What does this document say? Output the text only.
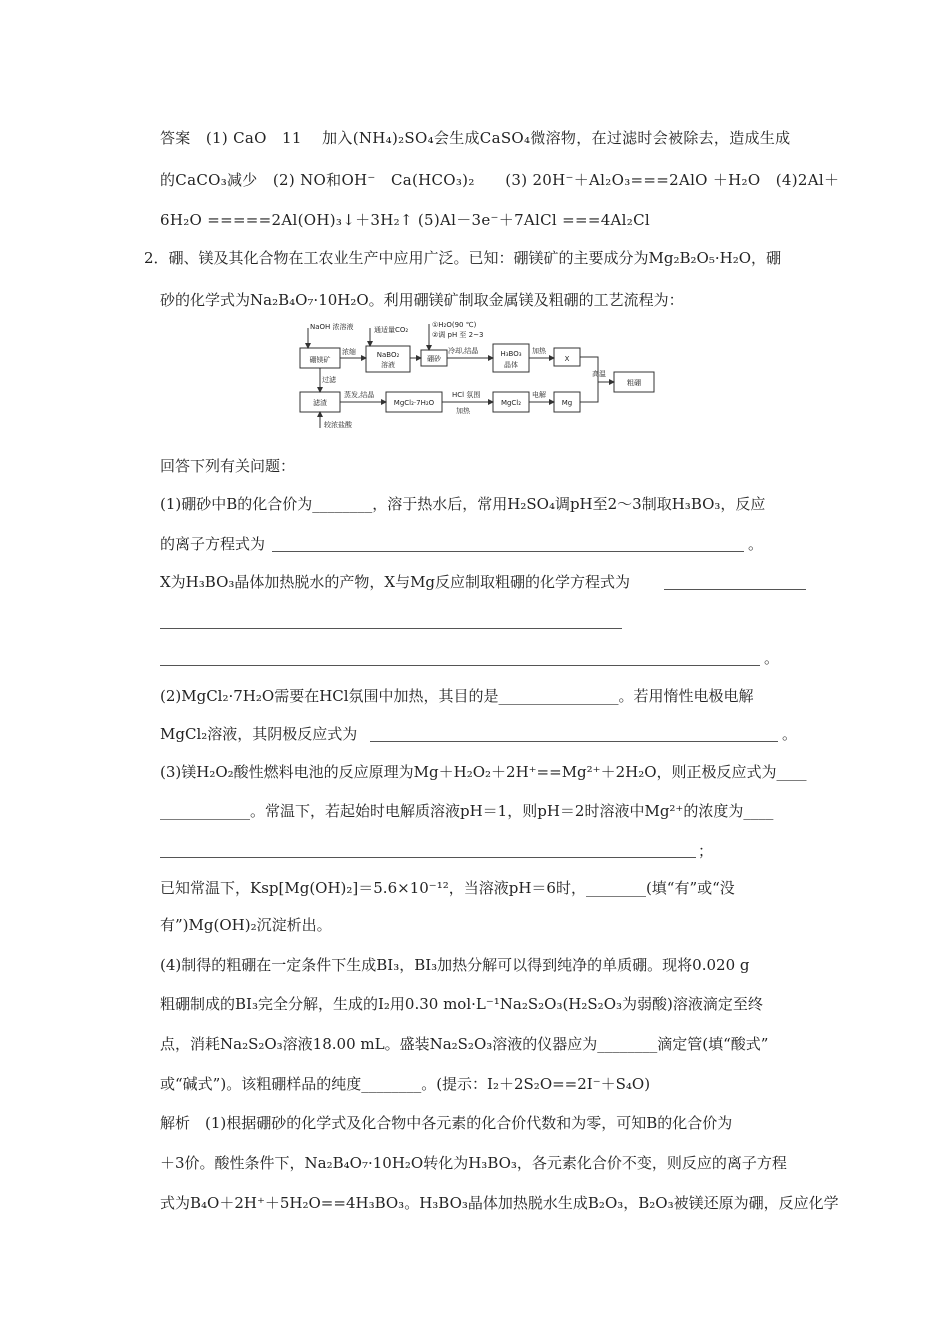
答案　(1) CaO　11　 加入(NH₄)₂SO₄会生成CaSO₄微溶物，在过滤时会被除去，造成生成
的CaCO₃减少　(2) NO和OH⁻　Ca(HCO₃)₂　　(3) 20H⁻＋Al₂O₃===2AlO ＋H₂O　(4)2Al＋
6H₂O =====2Al(OH)₃↓＋3H₂↑ (5)Al－3e⁻＋7AlCl ===4Al₂Cl
2．硼、镁及其化合物在工农业生产中应用广泛。已知：硼镁矿的主要成分为Mg₂B₂O₅·H₂O，硼
砂的化学式为Na₂B₄O₇·10H₂O。利用硼镁矿制取金属镁及粗硼的工艺流程为：
硼镁矿
NaBO₂
溶液
硼砂
H₃BO₃
晶体
X
粗硼
滤渣	MgCl₂·7H₂O	MgCl₂	Mg
NaOH 浓溶液
浓缩
通适量CO₂
①H₂O(90 ℃)
②调 pH 至 2~3
冷却,结晶	加热
高温
过滤
蒸发,结晶	HCl 氛围
加热
电解
较浓盐酸
回答下列有关问题：
(1)硼砂中B的化合价为________，溶于热水后，常用H₂SO₄调pH至2～3制取H₃BO₃，反应
的离子方程式为	。
X为H₃BO₃晶体加热脱水的产物，X与Mg反应制取粗硼的化学方程式为
。
(2)MgCl₂·7H₂O需要在HCl氛围中加热，其目的是________________。若用惰性电极电解
MgCl₂溶液，其阴极反应式为	。
(3)镁H₂O₂酸性燃料电池的反应原理为Mg＋H₂O₂＋2H⁺==Mg²⁺＋2H₂O，则正极反应式为____
____________。常温下，若起始时电解质溶液pH＝1，则pH＝2时溶液中Mg²⁺的浓度为____
；
已知常温下，Ksp[Mg(OH)₂]＝5.6×10⁻¹²，当溶液pH＝6时，________(填“有”或“没
有”)Mg(OH)₂沉淀析出。
(4)制得的粗硼在一定条件下生成BI₃，BI₃加热分解可以得到纯净的单质硼。现将0.020 g
粗硼制成的BI₃完全分解，生成的I₂用0.30 mol·L⁻¹Na₂S₂O₃(H₂S₂O₃为弱酸)溶液滴定至终
点，消耗Na₂S₂O₃溶液18.00 mL。盛装Na₂S₂O₃溶液的仪器应为________滴定管(填“酸式”
或“碱式”)。该粗硼样品的纯度________。(提示：I₂＋2S₂O==2I⁻＋S₄O)
解析　(1)根据硼砂的化学式及化合物中各元素的化合价代数和为零，可知B的化合价为
＋3价。酸性条件下，Na₂B₄O₇·10H₂O转化为H₃BO₃，各元素化合价不变，则反应的离子方程
式为B₄O＋2H⁺＋5H₂O==4H₃BO₃。H₃BO₃晶体加热脱水生成B₂O₃，B₂O₃被镁还原为硼，反应化学
